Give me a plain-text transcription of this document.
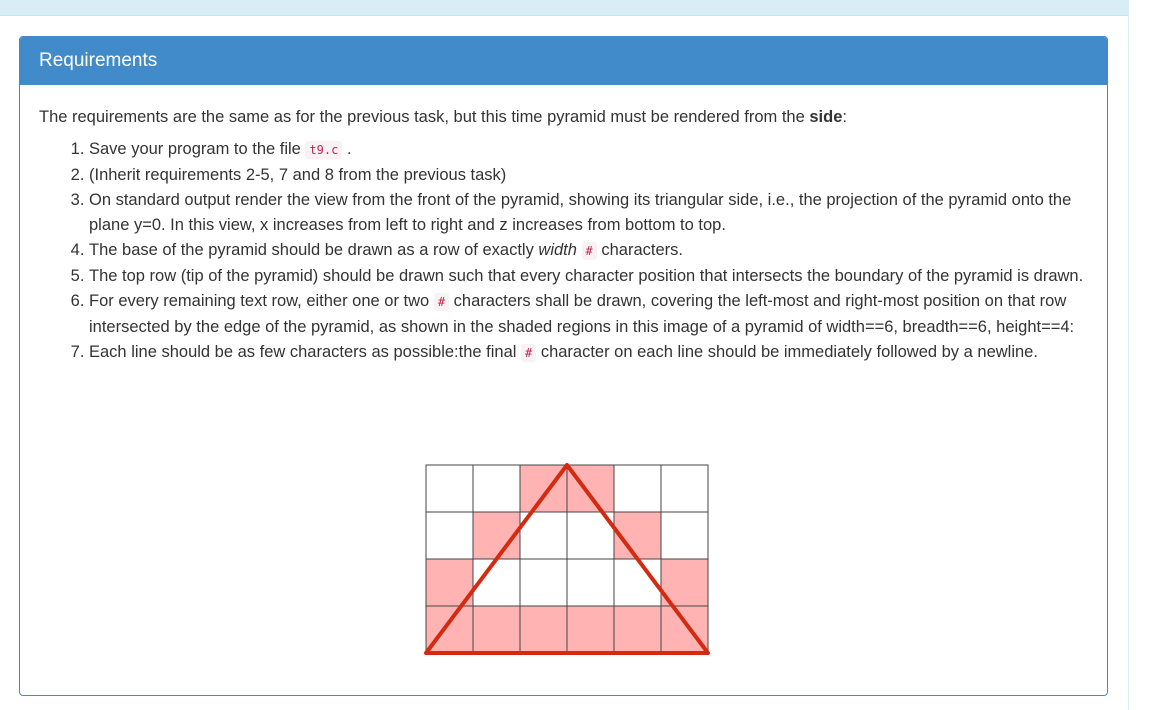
Requirements

The requirements are the same as for the previous task, but this time pyramid must be rendered from the side:

1. Save your program to the file t9.c .
2. (Inherit requirements 2-5, 7 and 8 from the previous task)
3. On standard output render the view from the front of the pyramid, showing its triangular side, i.e., the projection of the pyramid onto the plane y=0. In this view, x increases from left to right and z increases from bottom to top.
4. The base of the pyramid should be drawn as a row of exactly width # characters.
5. The top row (tip of the pyramid) should be drawn such that every character position that intersects the boundary of the pyramid is drawn.
6. For every remaining text row, either one or two # characters shall be drawn, covering the left-most and right-most position on that row intersected by the edge of the pyramid, as shown in the shaded regions in this image of a pyramid of width==6, breadth==6, height==4:
7. Each line should be as few characters as possible:the final # character on each line should be immediately followed by a newline.
